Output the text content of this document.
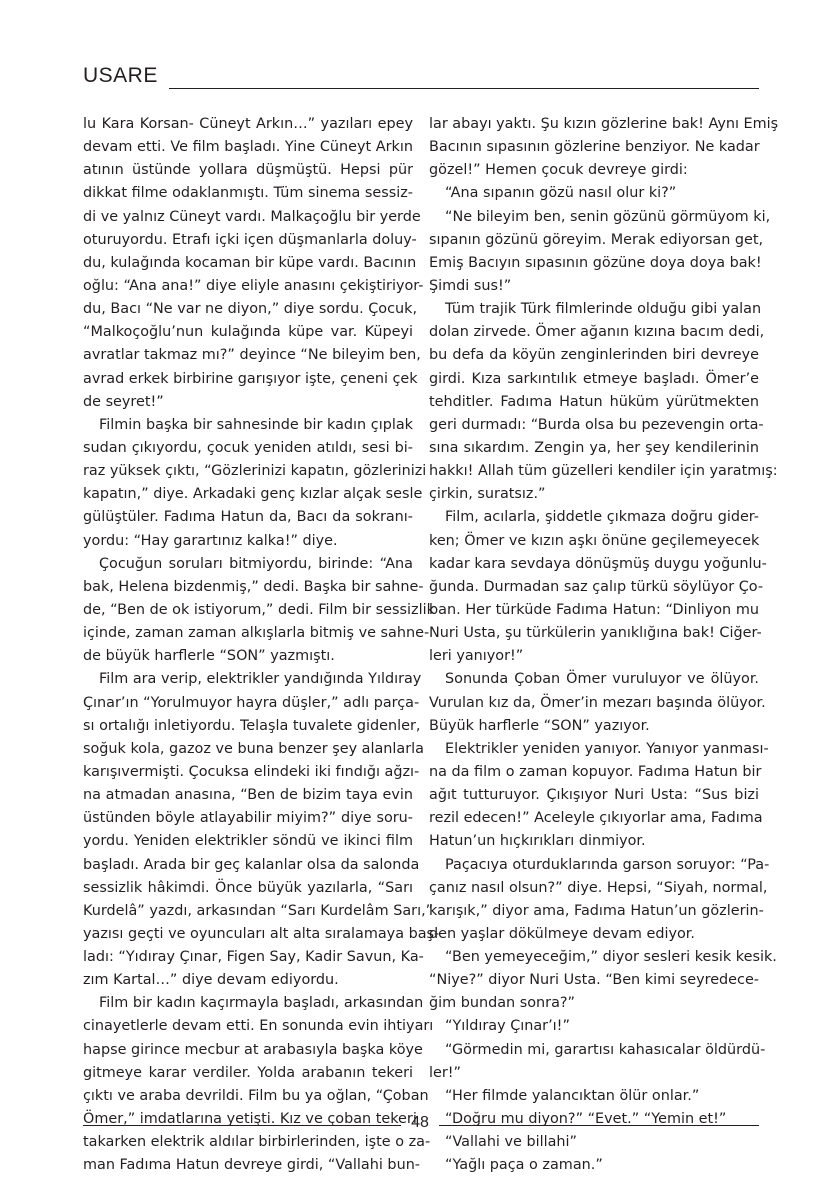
USARE
lu Kara Korsan- Cüneyt Arkın…” yazıları epey
devam etti. Ve film başladı. Yine Cüneyt Arkın
atının üstünde yollara düşmüştü. Hepsi pür
dikkat filme odaklanmıştı. Tüm sinema sessiz-
di ve yalnız Cüneyt vardı. Malkaçoğlu bir yerde
oturuyordu. Etrafı içki içen düşmanlarla doluy-
du, kulağında kocaman bir küpe vardı. Bacının
oğlu: “Ana ana!” diye eliyle anasını çekiştiriyor-
du, Bacı “Ne var ne diyon,” diye sordu. Çocuk,
“Malkoçoğlu’nun kulağında küpe var. Küpeyi
avratlar takmaz mı?” deyince “Ne bileyim ben,
avrad erkek birbirine garışıyor işte, çeneni çek
de seyret!”
Filmin başka bir sahnesinde bir kadın çıplak
sudan çıkıyordu, çocuk yeniden atıldı, sesi bi-
raz yüksek çıktı, “Gözlerinizi kapatın, gözlerinizi
kapatın,” diye. Arkadaki genç kızlar alçak sesle
gülüştüler. Fadıma Hatun da, Bacı da sokranı-
yordu: “Hay garartınız kalka!” diye.
Çocuğun soruları bitmiyordu, birinde: “Ana
bak, Helena bizdenmiş,” dedi. Başka bir sahne-
de, “Ben de ok istiyorum,” dedi. Film bir sessizlik
içinde, zaman zaman alkışlarla bitmiş ve sahne-
de büyük harflerle “SON” yazmıştı.
Film ara verip, elektrikler yandığında Yıldıray
Çınar’ın “Yorulmuyor hayra düşler,” adlı parça-
sı ortalığı inletiyordu. Telaşla tuvalete gidenler,
soğuk kola, gazoz ve buna benzer şey alanlarla
karışıvermişti. Çocuksa elindeki iki fındığı ağzı-
na atmadan anasına, “Ben de bizim taya evin
üstünden böyle atlayabilir miyim?” diye soru-
yordu. Yeniden elektrikler söndü ve ikinci film
başladı. Arada bir geç kalanlar olsa da salonda
sessizlik hâkimdi. Önce büyük yazılarla, “Sarı
Kurdelâ” yazdı, arkasından “Sarı Kurdelâm Sarı,”
yazısı geçti ve oyuncuları alt alta sıralamaya baş-
ladı: “Yıdıray Çınar, Figen Say, Kadir Savun, Ka-
zım Kartal…” diye devam ediyordu.
Film bir kadın kaçırmayla başladı, arkasından
cinayetlerle devam etti. En sonunda evin ihtiyarı
hapse girince mecbur at arabasıyla başka köye
gitmeye karar verdiler. Yolda arabanın tekeri
çıktı ve araba devrildi. Film bu ya oğlan, “Çoban
Ömer,” imdatlarına yetişti. Kız ve çoban tekeri
takarken elektrik aldılar birbirlerinden, işte o za-
man Fadıma Hatun devreye girdi, “Vallahi bun-
lar abayı yaktı. Şu kızın gözlerine bak! Aynı Emiş
Bacının sıpasının gözlerine benziyor. Ne kadar
gözel!” Hemen çocuk devreye girdi:
“Ana sıpanın gözü nasıl olur ki?”
“Ne bileyim ben, senin gözünü görmüyom ki,
sıpanın gözünü göreyim. Merak ediyorsan get,
Emiş Bacıyın sıpasının gözüne doya doya bak!
Şimdi sus!”
Tüm trajik Türk filmlerinde olduğu gibi yalan
dolan zirvede. Ömer ağanın kızına bacım dedi,
bu defa da köyün zenginlerinden biri devreye
girdi. Kıza sarkıntılık etmeye başladı. Ömer’e
tehditler. Fadıma Hatun hüküm yürütmekten
geri durmadı: “Burda olsa bu pezevengin orta-
sına sıkardım. Zengin ya, her şey kendilerinin
hakkı! Allah tüm güzelleri kendiler için yaratmış:
çirkin, suratsız.”
Film, acılarla, şiddetle çıkmaza doğru gider-
ken; Ömer ve kızın aşkı önüne geçilemeyecek
kadar kara sevdaya dönüşmüş duygu yoğunlu-
ğunda. Durmadan saz çalıp türkü söylüyor Ço-
ban. Her türküde Fadıma Hatun: “Dinliyon mu
Nuri Usta, şu türkülerin yanıklığına bak! Ciğer-
leri yanıyor!”
Sonunda Çoban Ömer vuruluyor ve ölüyor.
Vurulan kız da, Ömer’in mezarı başında ölüyor.
Büyük harflerle “SON” yazıyor.
Elektrikler yeniden yanıyor. Yanıyor yanması-
na da film o zaman kopuyor. Fadıma Hatun bir
ağıt tutturuyor. Çıkışıyor Nuri Usta: “Sus bizi
rezil edecen!” Aceleyle çıkıyorlar ama, Fadıma
Hatun’un hıçkırıkları dinmiyor.
Paçacıya oturduklarında garson soruyor: “Pa-
çanız nasıl olsun?” diye. Hepsi, “Siyah, normal,
karışık,” diyor ama, Fadıma Hatun’un gözlerin-
den yaşlar dökülmeye devam ediyor.
“Ben yemeyeceğim,” diyor sesleri kesik kesik.
“Niye?” diyor Nuri Usta. “Ben kimi seyredece-
ğim bundan sonra?”
“Yıldıray Çınar’ı!”
“Görmedin mi, garartısı kahasıcalar öldürdü-
ler!”
“Her filmde yalancıktan ölür onlar.”
“Doğru mu diyon?” “Evet.” “Yemin et!”
“Vallahi ve billahi”
“Yağlı paça o zaman.”
48
